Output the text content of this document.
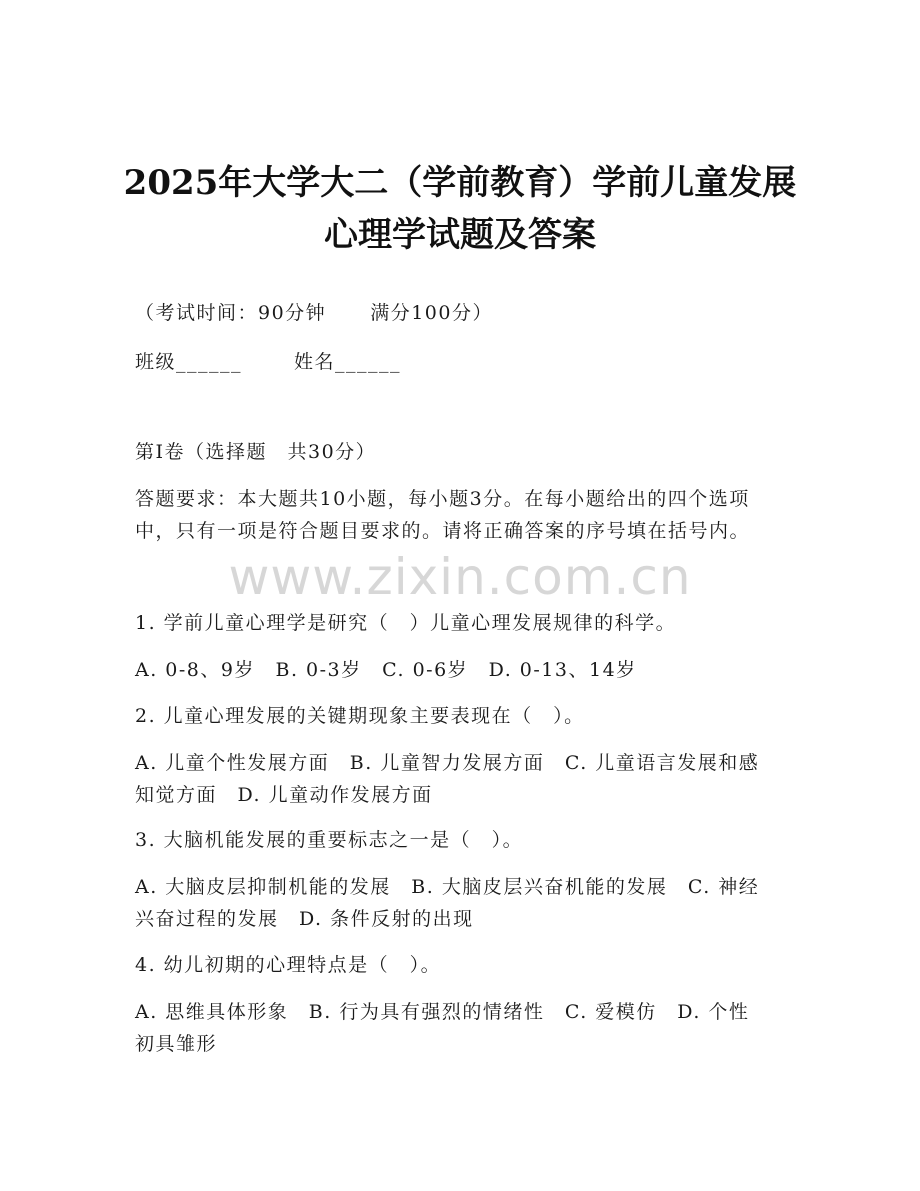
2025年大学大二（学前教育）学前儿童发展
心理学试题及答案
（考试时间：90分钟 满分100分）
班级______	姓名______
第I卷（选择题　共30分）
答题要求：本大题共10小题，每小题3分。在每小题给出的四个选项
中，只有一项是符合题目要求的。请将正确答案的序号填在括号内。
www.zixin.com.cn
1. 学前儿童心理学是研究（　）儿童心理发展规律的科学。
A. 0-8、9岁　B. 0-3岁　C. 0-6岁　D. 0-13、14岁
2. 儿童心理发展的关键期现象主要表现在（　）。
A. 儿童个性发展方面　B. 儿童智力发展方面　C. 儿童语言发展和感
知觉方面　D. 儿童动作发展方面
3. 大脑机能发展的重要标志之一是（　）。
A. 大脑皮层抑制机能的发展　B. 大脑皮层兴奋机能的发展　C. 神经
兴奋过程的发展　D. 条件反射的出现
4. 幼儿初期的心理特点是（　）。
A. 思维具体形象　B. 行为具有强烈的情绪性　C. 爱模仿　D. 个性
初具雏形
